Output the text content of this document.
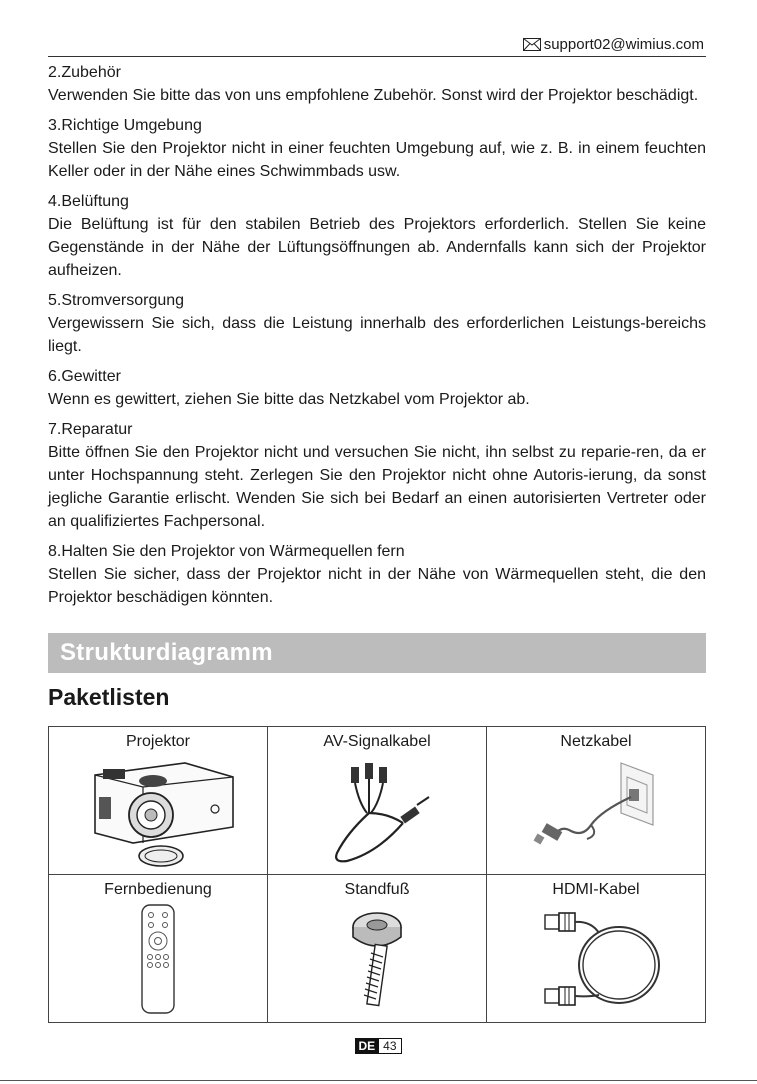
support02@wimius.com
2.Zubehör
Verwenden Sie bitte das von uns empfohlene Zubehör. Sonst wird der Projektor beschädigt.
3.Richtige Umgebung
Stellen Sie den Projektor nicht in einer feuchten Umgebung auf, wie z. B. in einem feuchten Keller oder in der Nähe eines Schwimmbads usw.
4.Belüftung
Die Belüftung ist für den stabilen Betrieb des Projektors erforderlich. Stellen Sie keine Gegenstände in der Nähe der Lüftungsöffnungen ab. Andernfalls kann sich der Projektor aufheizen.
5.Stromversorgung
Vergewissern Sie sich, dass die Leistung innerhalb des erforderlichen Leistungs-bereichs liegt.
6.Gewitter
Wenn es gewittert, ziehen Sie bitte das Netzkabel vom Projektor ab.
7.Reparatur
Bitte öffnen Sie den Projektor nicht und versuchen Sie nicht, ihn selbst zu reparie-ren, da er unter Hochspannung steht. Zerlegen Sie den Projektor nicht ohne Autoris-ierung, da sonst jegliche Garantie erlischt. Wenden Sie sich bei Bedarf an einen autorisierten Vertreter oder an qualifiziertes Fachpersonal.
8.Halten Sie den Projektor von Wärmequellen fern
Stellen Sie sicher, dass der Projektor nicht in der Nähe von Wärmequellen steht, die den Projektor beschädigen könnten.
Strukturdiagramm
Paketlisten
Projektor	AV-Signalkabel	Netzkabel

Fernbedienung	Standfuß	HDMI-Kabel
DE 43
